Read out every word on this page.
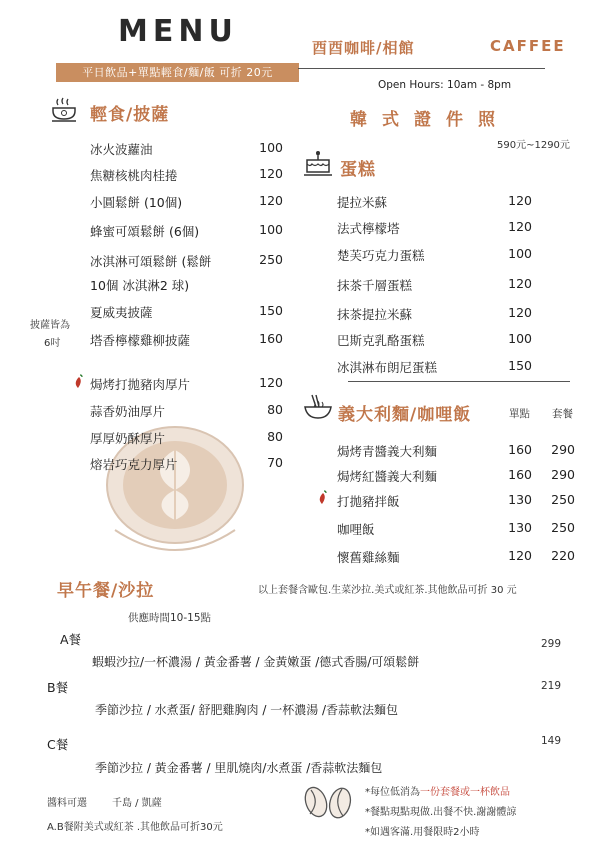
MENU
平日飲品+單點輕食/麵/飯 可折 20元
酉酉咖啡/相館	CAFFEE
Open Hours: 10am - 8pm
韓式證件照
590元~1290元
輕食/披薩
披薩皆為
6吋
冰火波蘿油	100
焦糖核桃肉桂捲	120
小圓鬆餅 (10個)	120
蜂蜜可頌鬆餅 (6個)	100
冰淇淋可頌鬆餅 (鬆餅	250
10個 冰淇淋2 球)
夏威夷披薩	150
塔香檸檬雞柳披薩	160
焗烤打拋豬肉厚片	120
蒜香奶油厚片	80
厚厚奶酥厚片	80
熔岩巧克力厚片	70
蛋糕
提拉米蘇	120
法式檸檬塔	120
楚芙巧克力蛋糕	100
抹茶千層蛋糕	120
抹茶提拉米蘇	120
巴斯克乳酪蛋糕	100
冰淇淋布朗尼蛋糕	150
義大利麵/咖哩飯	單點 套餐
焗烤青醬義大利麵	160	290
焗烤紅醬義大利麵	160	290
打拋豬拌飯	130	250
咖哩飯	130	250
懷舊雞絲麵	120	220
以上套餐含歐包.生菜沙拉.美式或紅茶.其他飲品可折 30 元
早午餐/沙拉
供應時間10-15點
A餐	299
蝦蝦沙拉/一杯濃湯 / 黃金番薯 / 金黃嫩蛋 /德式香腸/可頌鬆餅
B餐	219
季節沙拉 / 水煮蛋/ 舒肥雞胸肉 / 一杯濃湯 /香蒜軟法麵包
C餐	149
季節沙拉 / 黃金番薯 / 里肌燒肉/水煮蛋 /香蒜軟法麵包
醬料可選	千島 / 凱薩
A.B餐附美式或紅茶 .其他飲品可折30元
*每位低消為一份套餐或一杯飲品
*餐點現點現做.出餐不快.謝謝體諒
*如遇客滿.用餐限時2小時
